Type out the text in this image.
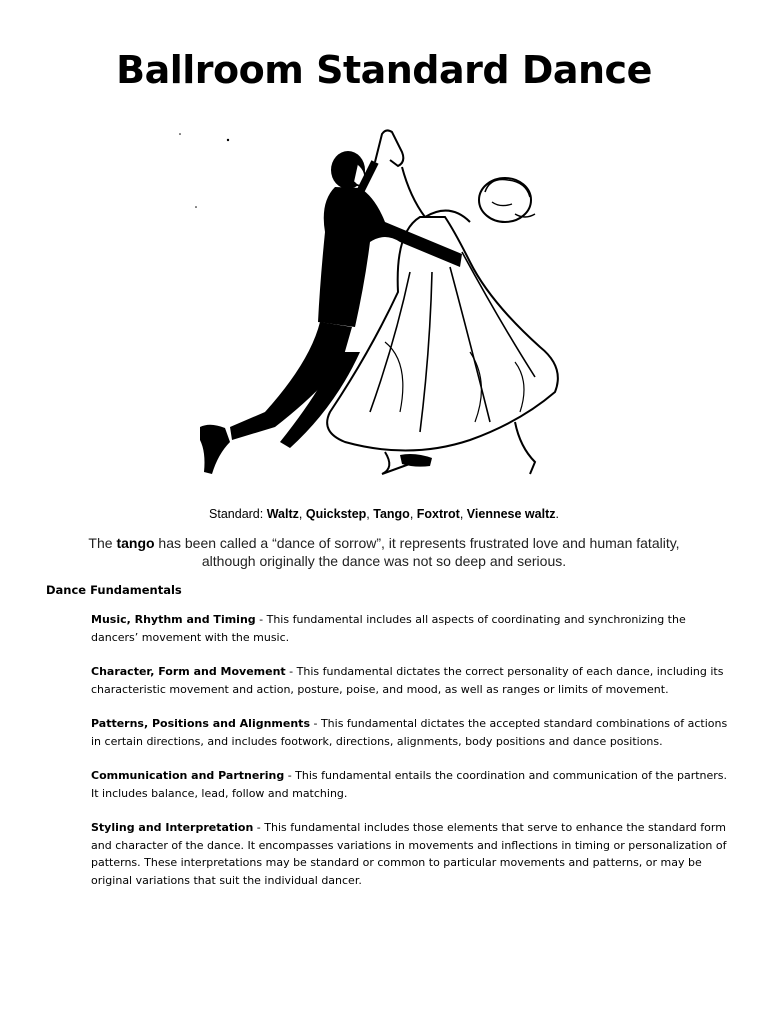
Ballroom Standard Dance
Standard: Waltz, Quickstep, Tango, Foxtrot, Viennese waltz.
The tango has been called a “dance of sorrow”, it represents frustrated love and human fatality, although originally the dance was not so deep and serious.
Dance Fundamentals

Music, Rhythm and Timing - This fundamental includes all aspects of coordinating and synchronizing the dancers’ movement with the music.

Character, Form and Movement - This fundamental dictates the correct personality of each dance, including its characteristic movement and action, posture, poise, and mood, as well as ranges or limits of movement.

Patterns, Positions and Alignments - This fundamental dictates the accepted standard combinations of actions in certain directions, and includes footwork, directions, alignments, body positions and dance positions.

Communication and Partnering - This fundamental entails the coordination and communication of the partners. It includes balance, lead, follow and matching.

Styling and Interpretation - This fundamental includes those elements that serve to enhance the standard form and character of the dance. It encompasses variations in movements and inflections in timing or personalization of patterns. These interpretations may be standard or common to particular movements and patterns, or may be original variations that suit the individual dancer.
